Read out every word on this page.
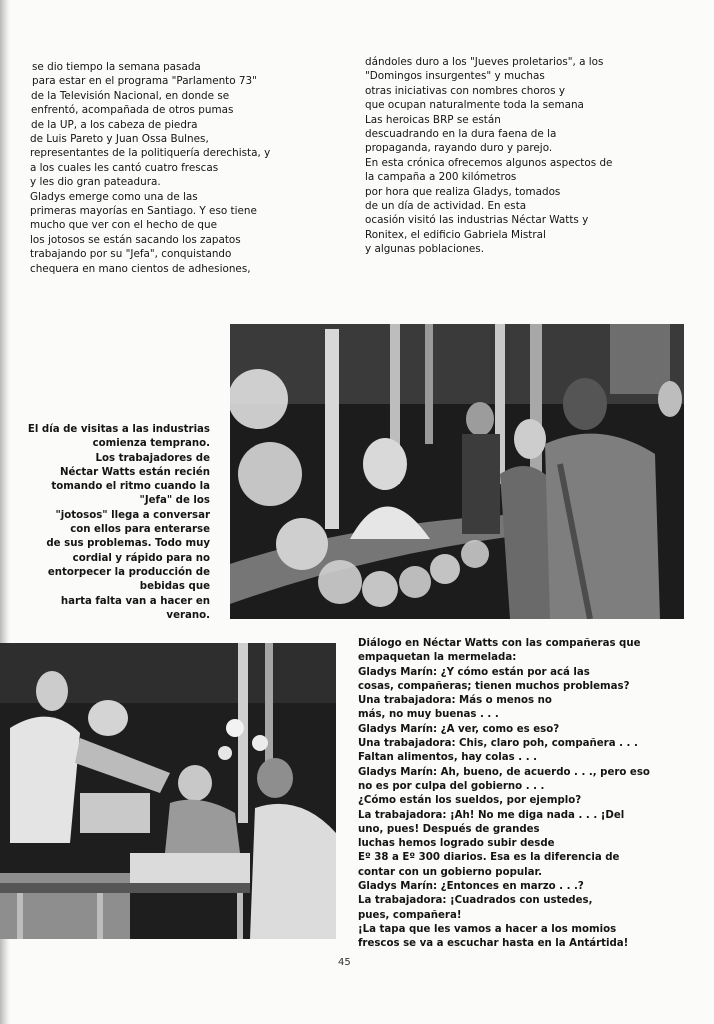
se dio tiempo la semana pasada
para estar en el programa "Parlamento 73"
de la Televisión Nacional, en donde se
enfrentó, acompañada de otros pumas
de la UP, a los cabeza de piedra
de Luis Pareto y Juan Ossa Bulnes,
representantes de la politiquería derechista, y
a los cuales les cantó cuatro frescas
y les dio gran pateadura.
Gladys emerge como una de las
primeras mayorías en Santiago. Y eso tiene
mucho que ver con el hecho de que
los jotosos se están sacando los zapatos
trabajando por su "Jefa", conquistando
chequera en mano cientos de adhesiones,
dándoles duro a los "Jueves proletarios", a los
"Domingos insurgentes" y muchas
otras iniciativas con nombres choros y
que ocupan naturalmente toda la semana
Las heroicas BRP se están
descuadrando en la dura faena de la
propaganda, rayando duro y parejo.
En esta crónica ofrecemos algunos aspectos de
la campaña a 200 kilómetros
por hora que realiza Gladys, tomados
de un día de actividad. En esta
ocasión visitó las industrias Néctar Watts y
Ronitex, el edificio Gabriela Mistral
y algunas poblaciones.
El día de visitas a las industrias
comienza temprano.
Los trabajadores de
Néctar Watts están recién
tomando el ritmo cuando la
"Jefa" de los
"jotosos" llega a conversar
con ellos para enterarse
de sus problemas. Todo muy
cordial y rápido para no
entorpecer la producción de
bebidas que
harta falta van a hacer en
verano.
Diálogo en Néctar Watts con las compañeras que
empaquetan la mermelada:
Gladys Marín: ¿Y cómo están por acá las
cosas, compañeras; tienen muchos problemas?
Una trabajadora: Más o menos no
más, no muy buenas . . .
Gladys Marín: ¿A ver, como es eso?
Una trabajadora: Chis, claro poh, compañera . . .
Faltan alimentos, hay colas . . .
Gladys Marín: Ah, bueno, de acuerdo . . ., pero eso
no es por culpa del gobierno . . .
¿Cómo están los sueldos, por ejemplo?
La trabajadora: ¡Ah! No me diga nada . . . ¡Del
uno, pues! Después de grandes
luchas hemos logrado subir desde
Eº 38 a Eº 300 diarios. Esa es la diferencia de
contar con un gobierno popular.
Gladys Marín: ¿Entonces en marzo . . .?
La trabajadora: ¡Cuadrados con ustedes,
pues, compañera!
¡La tapa que les vamos a hacer a los momios
frescos se va a escuchar hasta en la Antártida!
45
